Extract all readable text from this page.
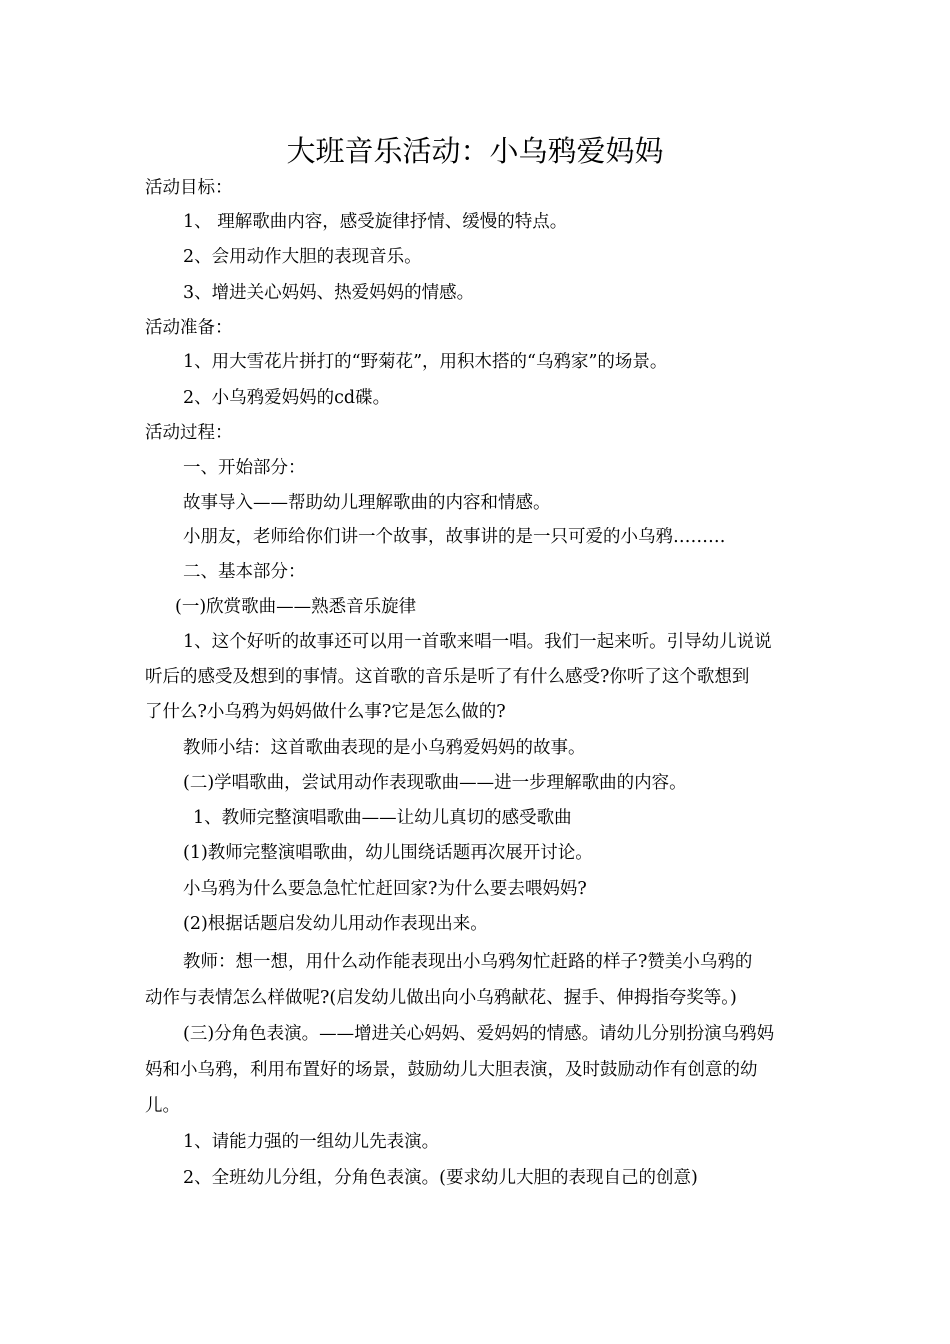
大班音乐活动：小乌鸦爱妈妈
活动目标：
1、 理解歌曲内容，感受旋律抒情、缓慢的特点。
2、会用动作大胆的表现音乐。
3、增进关心妈妈、热爱妈妈的情感。
活动准备：
1、用大雪花片拼打的“野菊花”，用积木搭的“乌鸦家”的场景。
2、小乌鸦爱妈妈的cd碟。
活动过程：
一、开始部分：
故事导入——帮助幼儿理解歌曲的内容和情感。
小朋友，老师给你们讲一个故事，故事讲的是一只可爱的小乌鸦………
二、基本部分：
(一)欣赏歌曲——熟悉音乐旋律
1、这个好听的故事还可以用一首歌来唱一唱。我们一起来听。引导幼儿说说
听后的感受及想到的事情。这首歌的音乐是听了有什么感受?你听了这个歌想到
了什么?小乌鸦为妈妈做什么事?它是怎么做的?
教师小结：这首歌曲表现的是小乌鸦爱妈妈的故事。
(二)学唱歌曲，尝试用动作表现歌曲——进一步理解歌曲的内容。
1、教师完整演唱歌曲——让幼儿真切的感受歌曲
(1)教师完整演唱歌曲，幼儿围绕话题再次展开讨论。
小乌鸦为什么要急急忙忙赶回家?为什么要去喂妈妈?
(2)根据话题启发幼儿用动作表现出来。
教师：想一想，用什么动作能表现出小乌鸦匆忙赶路的样子?赞美小乌鸦的
动作与表情怎么样做呢?(启发幼儿做出向小乌鸦献花、握手、伸拇指夸奖等。)
(三)分角色表演。——增进关心妈妈、爱妈妈的情感。请幼儿分别扮演乌鸦妈
妈和小乌鸦，利用布置好的场景，鼓励幼儿大胆表演，及时鼓励动作有创意的幼
儿。
1、请能力强的一组幼儿先表演。
2、全班幼儿分组，分角色表演。(要求幼儿大胆的表现自己的创意)
